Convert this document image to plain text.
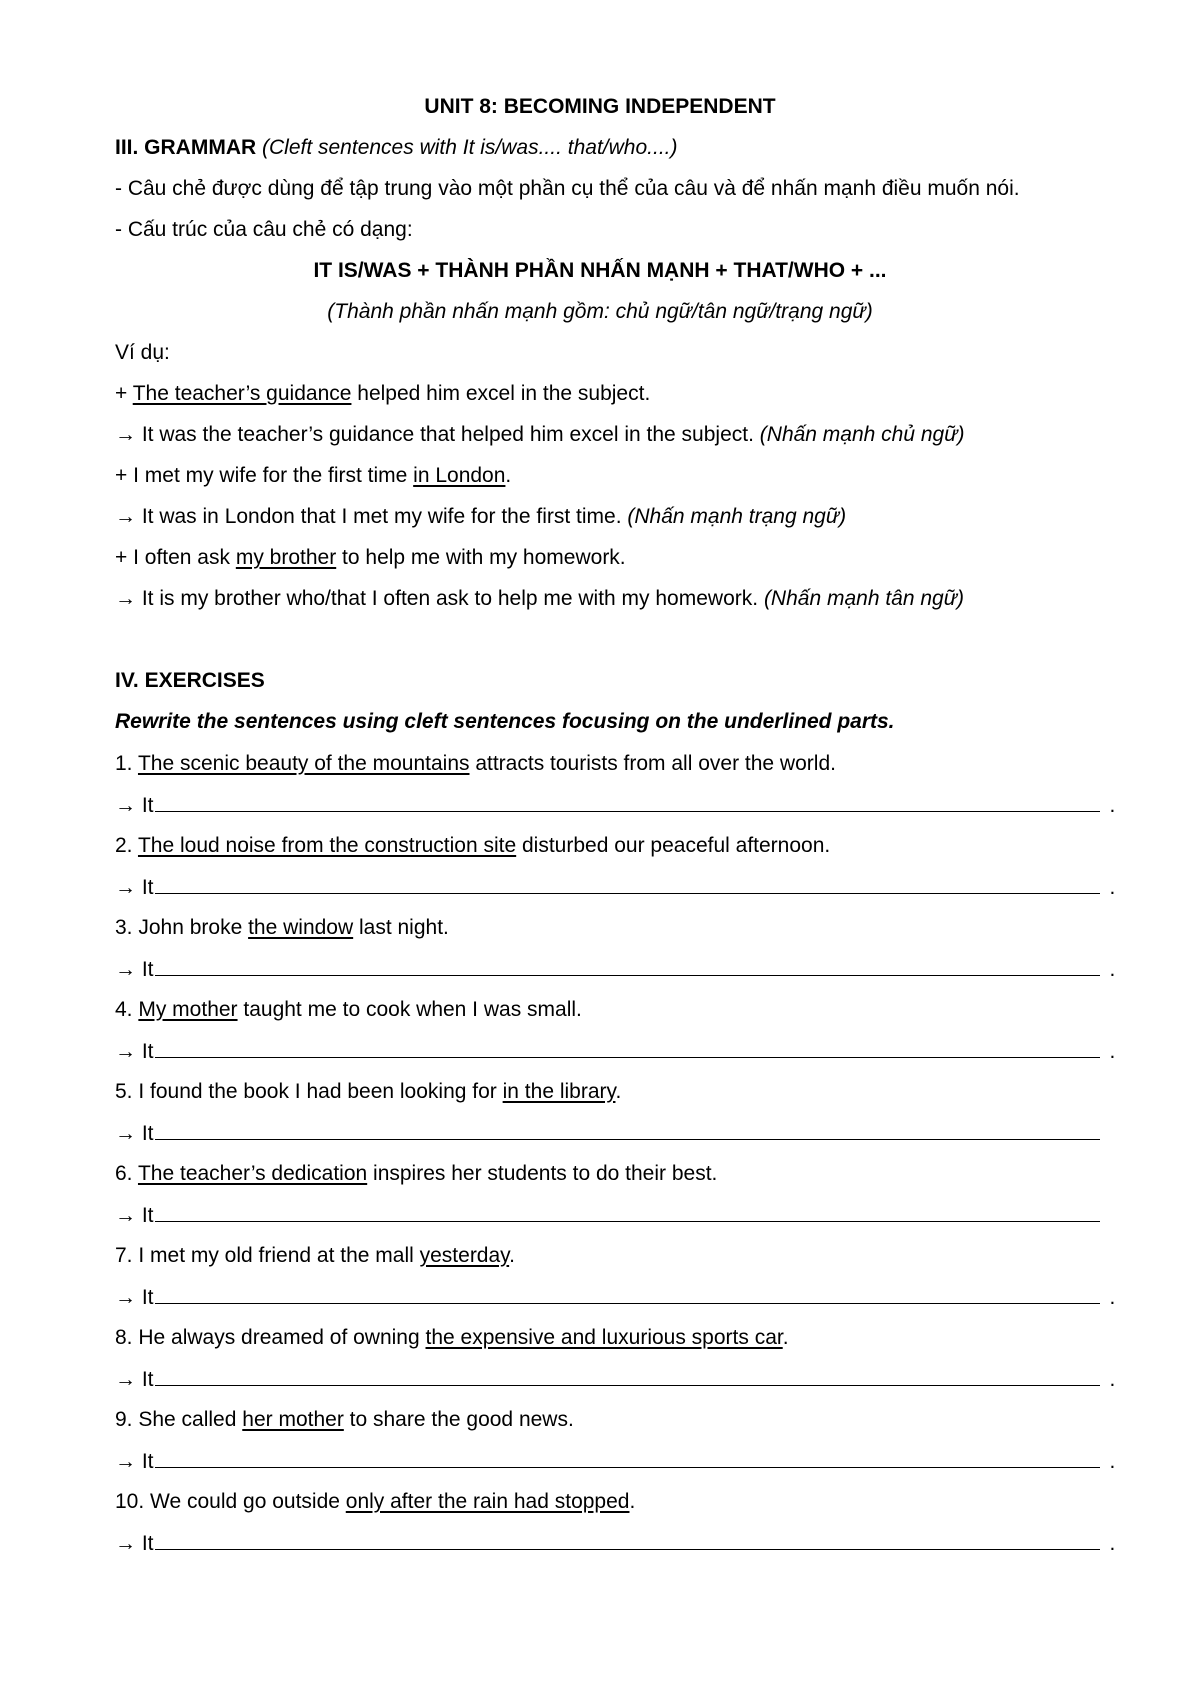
UNIT 8: BECOMING INDEPENDENT
III. GRAMMAR (Cleft sentences with It is/was.... that/who....)
- Câu chẻ được dùng để tập trung vào một phần cụ thể của câu và để nhấn mạnh điều muốn nói.
- Cấu trúc của câu chẻ có dạng:
IT IS/WAS + THÀNH PHẦN NHẤN MẠNH + THAT/WHO + ...
(Thành phần nhấn mạnh gồm: chủ ngữ/tân ngữ/trạng ngữ)
Ví dụ:
+ The teacher’s guidance helped him excel in the subject.
→ It was the teacher’s guidance that helped him excel in the subject. (Nhấn mạnh chủ ngữ)
+ I met my wife for the first time in London.
→ It was in London that I met my wife for the first time. (Nhấn mạnh trạng ngữ)
+ I often ask my brother to help me with my homework.
→ It is my brother who/that I often ask to help me with my homework. (Nhấn mạnh tân ngữ)
IV. EXERCISES
Rewrite the sentences using cleft sentences focusing on the underlined parts.
1. The scenic beauty of the mountains attracts tourists from all over the world.
→ It	.
2. The loud noise from the construction site disturbed our peaceful afternoon.
→ It	.
3. John broke the window last night.
→ It	.
4. My mother taught me to cook when I was small.
→ It	.
5. I found the book I had been looking for in the library.
→ It
6. The teacher’s dedication inspires her students to do their best.
→ It
7. I met my old friend at the mall yesterday.
→ It	.
8. He always dreamed of owning the expensive and luxurious sports car.
→ It	.
9. She called her mother to share the good news.
→ It	.
10. We could go outside only after the rain had stopped.
→ It	.
